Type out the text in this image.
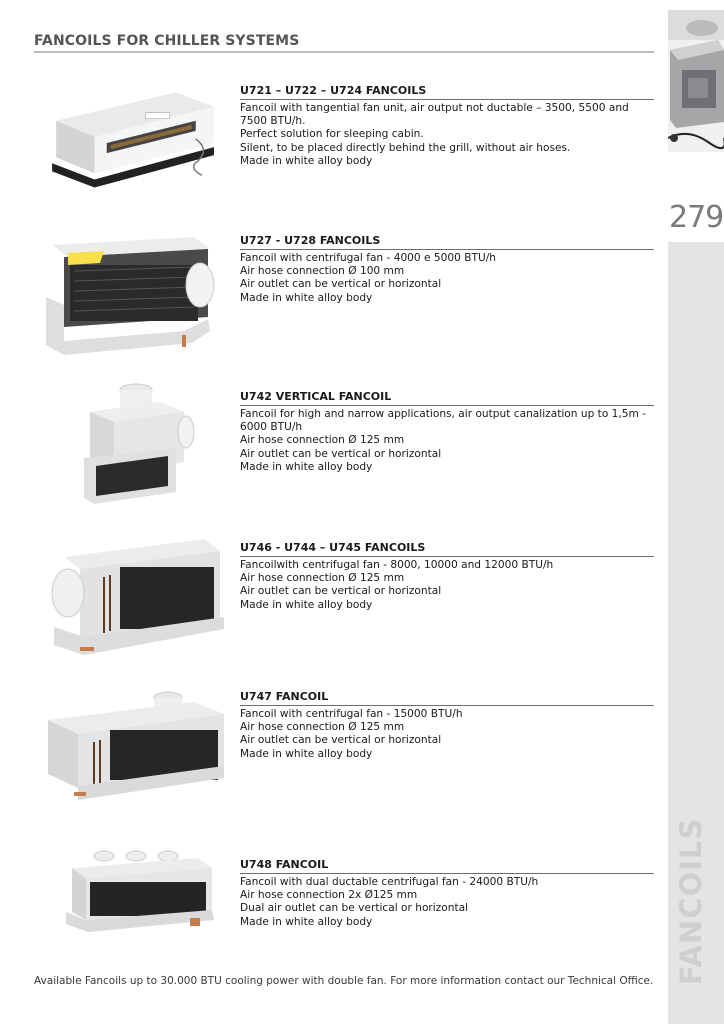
FANCOILS FOR CHILLER SYSTEMS
279
FANCOILS
U721 – U722 – U724 FANCOILS
Fancoil with tangential fan unit, air output not ductable – 3500, 5500 and 7500 BTU/h.
Perfect solution for sleeping cabin.
Silent, to be placed directly behind the grill, without air hoses.
Made in white alloy body
U727 - U728 FANCOILS
Fancoil with centrifugal fan - 4000 e 5000 BTU/h
Air hose connection Ø 100 mm
Air outlet can be vertical or horizontal
Made in white alloy body
U742 VERTICAL FANCOIL
Fancoil for high and narrow applications, air output canalization up to 1,5m - 6000 BTU/h
Air hose connection Ø 125 mm
Air outlet can be vertical or horizontal
Made in white alloy body
U746 - U744 – U745 FANCOILS
Fancoilwith centrifugal fan - 8000, 10000 and 12000 BTU/h
Air hose connection Ø 125 mm
Air outlet can be vertical or horizontal
Made in white alloy body
U747 FANCOIL
Fancoil with centrifugal fan - 15000 BTU/h
Air hose connection Ø 125 mm
Air outlet can be vertical or horizontal
Made in white alloy body
U748 FANCOIL
Fancoil with dual ductable centrifugal fan - 24000 BTU/h
Air hose connection 2x Ø125 mm
Dual air outlet can be vertical or horizontal
Made in white alloy body
Available Fancoils up to 30.000 BTU cooling power with double fan. For more information contact our Technical Office.
